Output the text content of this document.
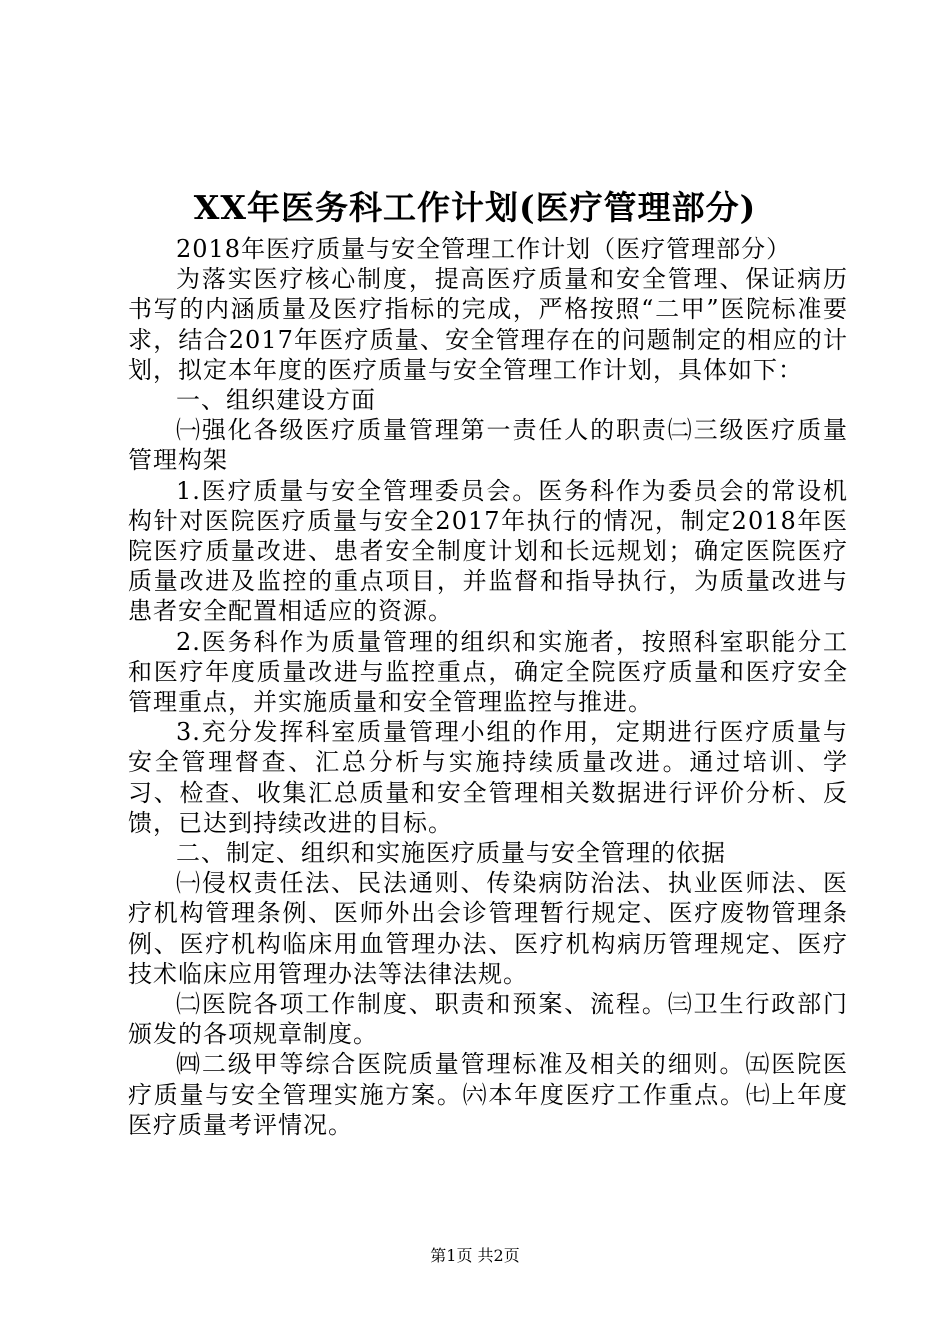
XX年医务科工作计划(医疗管理部分)

2018年医疗质量与安全管理工作计划（医疗管理部分）

为落实医疗核心制度，提高医疗质量和安全管理、保证病历书写的内涵质量及医疗指标的完成，严格按照“二甲”医院标准要求，结合2017年医疗质量、安全管理存在的问题制定的相应的计划，拟定本年度的医疗质量与安全管理工作计划，具体如下：

一、组织建设方面

㈠强化各级医疗质量管理第一责任人的职责㈡三级医疗质量管理构架

1.医疗质量与安全管理委员会。医务科作为委员会的常设机构针对医院医疗质量与安全2017年执行的情况，制定2018年医院医疗质量改进、患者安全制度计划和长远规划；确定医院医疗质量改进及监控的重点项目，并监督和指导执行，为质量改进与患者安全配置相适应的资源。

2.医务科作为质量管理的组织和实施者，按照科室职能分工和医疗年度质量改进与监控重点，确定全院医疗质量和医疗安全管理重点，并实施质量和安全管理监控与推进。

3.充分发挥科室质量管理小组的作用，定期进行医疗质量与安全管理督查、汇总分析与实施持续质量改进。通过培训、学习、检查、收集汇总质量和安全管理相关数据进行评价分析、反馈，已达到持续改进的目标。

二、制定、组织和实施医疗质量与安全管理的依据

㈠侵权责任法、民法通则、传染病防治法、执业医师法、医疗机构管理条例、医师外出会诊管理暂行规定、医疗废物管理条例、医疗机构临床用血管理办法、医疗机构病历管理规定、医疗技术临床应用管理办法等法律法规。

㈡医院各项工作制度、职责和预案、流程。㈢卫生行政部门颁发的各项规章制度。

㈣二级甲等综合医院质量管理标准及相关的细则。㈤医院医疗质量与安全管理实施方案。㈥本年度医疗工作重点。㈦上年度医疗质量考评情况。

第1页 共2页
